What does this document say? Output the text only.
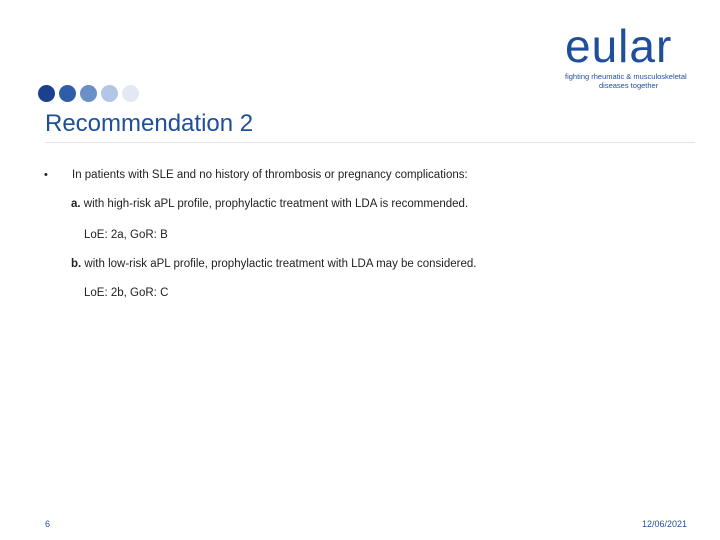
eular
fighting rheumatic & musculoskeletal
diseases together
Recommendation 2
• In patients with SLE and no history of thrombosis or pregnancy complications:
a. with high-risk aPL profile, prophylactic treatment with LDA is recommended.
LoE: 2a, GoR: B
b. with low-risk aPL profile, prophylactic treatment with LDA may be considered.
LoE: 2b, GoR: C
6	12/06/2021
